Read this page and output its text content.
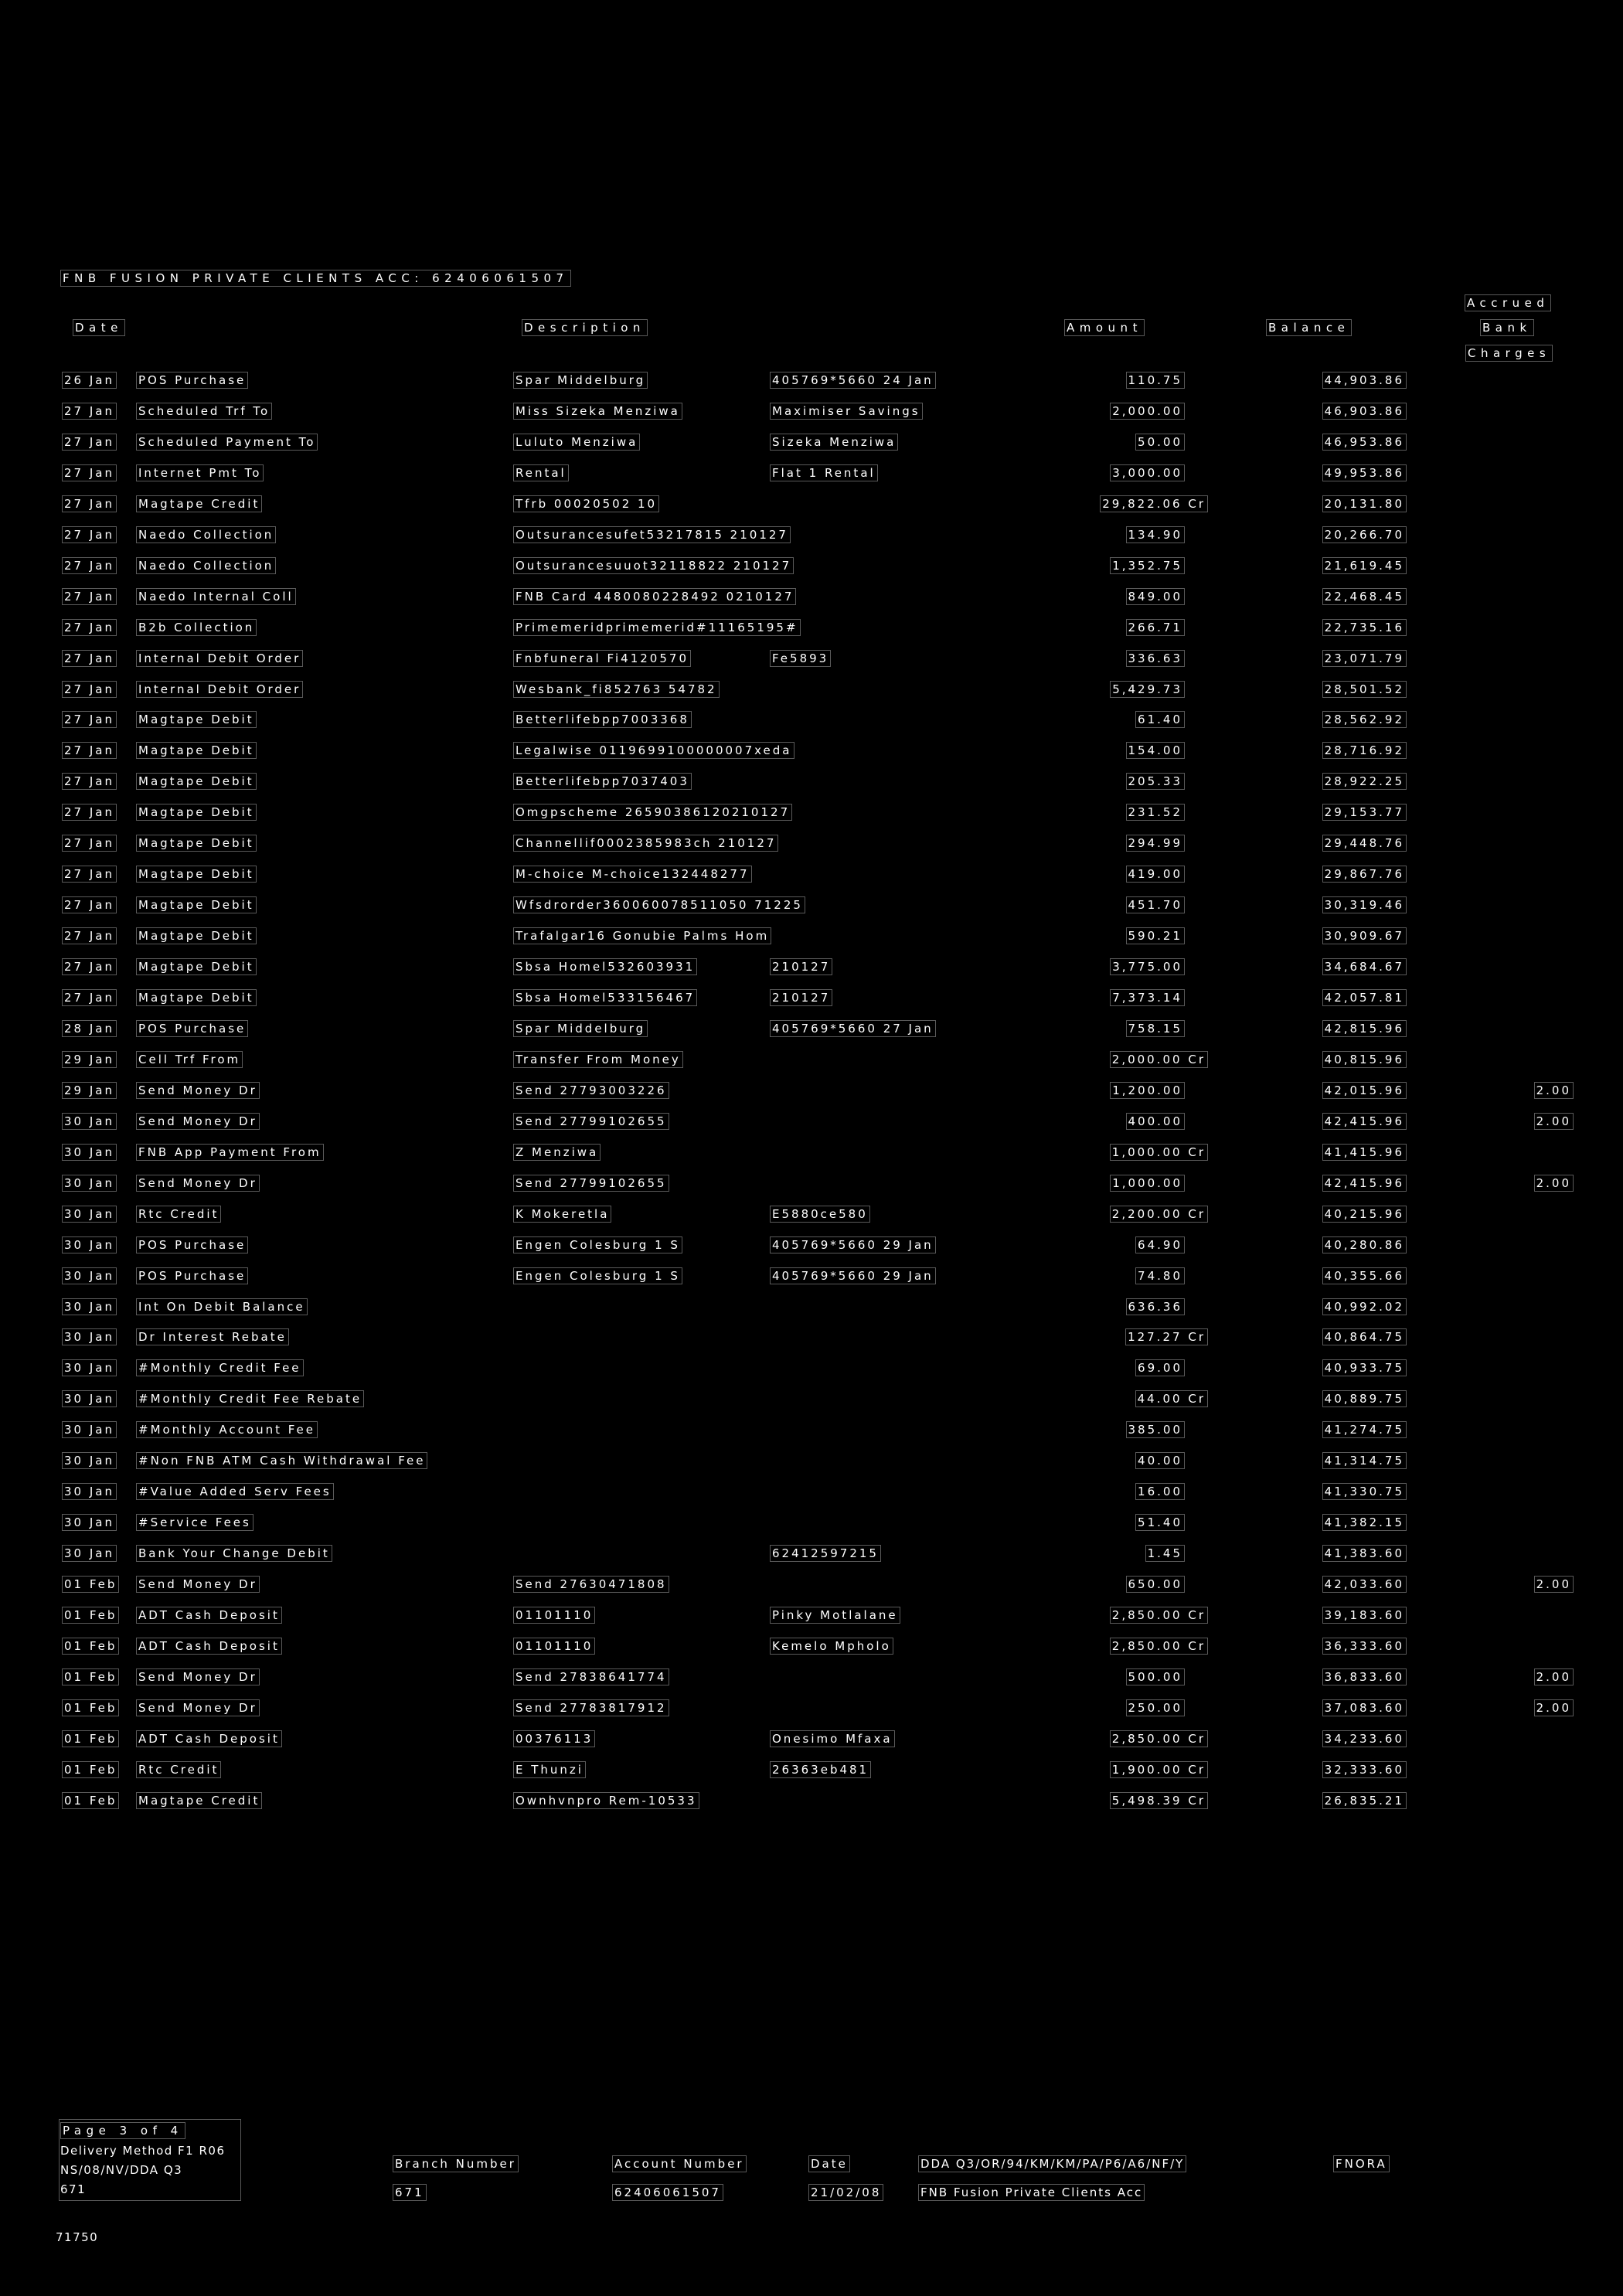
FNB FUSION PRIVATE CLIENTS ACC: 62406061507
Date	Description	Amount	Balance
Accrued
Bank
Charges
26 Jan POS Purchase	Spar Middelburg	405769*5660 24 Jan	110.75	44,903.86
27 Jan Scheduled Trf To	Miss Sizeka Menziwa	Maximiser Savings	2,000.00	46,903.86
27 Jan Scheduled Payment To	Luluto Menziwa	Sizeka Menziwa	50.00	46,953.86
27 Jan Internet Pmt To	Rental	Flat 1 Rental	3,000.00	49,953.86
27 Jan Magtape Credit	Tfrb 00020502 10	29,822.06 Cr	20,131.80
27 Jan Naedo Collection	Outsurancesufet53217815 210127	134.90	20,266.70
27 Jan Naedo Collection	Outsurancesuuot32118822 210127	1,352.75	21,619.45
27 Jan Naedo Internal Coll	FNB Card 4480080228492 0210127	849.00	22,468.45
27 Jan B2b Collection	Primemeridprimemerid#11165195#	266.71	22,735.16
27 Jan Internal Debit Order	Fnbfuneral Fi4120570	Fe5893	336.63	23,071.79
27 Jan Internal Debit Order	Wesbank_fi852763 54782	5,429.73	28,501.52
27 Jan Magtape Debit	Betterlifebpp7003368	61.40	28,562.92
27 Jan Magtape Debit	Legalwise 0119699100000007xeda	154.00	28,716.92
27 Jan Magtape Debit	Betterlifebpp7037403	205.33	28,922.25
27 Jan Magtape Debit	Omgpscheme 26590386120210127	231.52	29,153.77
27 Jan Magtape Debit	Channellif0002385983ch 210127	294.99	29,448.76
27 Jan Magtape Debit	M-choice M-choice132448277	419.00	29,867.76
27 Jan Magtape Debit	Wfsdrorder360060078511050 71225	451.70	30,319.46
27 Jan Magtape Debit	Trafalgar16 Gonubie Palms Hom	590.21	30,909.67
27 Jan Magtape Debit	Sbsa Homel532603931	210127	3,775.00	34,684.67
27 Jan Magtape Debit	Sbsa Homel533156467	210127	7,373.14	42,057.81
28 Jan POS Purchase	Spar Middelburg	405769*5660 27 Jan	758.15	42,815.96
29 Jan Cell Trf From	Transfer From Money	2,000.00 Cr	40,815.96
29 Jan Send Money Dr	Send 27793003226	1,200.00	42,015.96	2.00
30 Jan Send Money Dr	Send 27799102655	400.00	42,415.96	2.00
30 Jan FNB App Payment From	Z Menziwa	1,000.00 Cr	41,415.96
30 Jan Send Money Dr	Send 27799102655	1,000.00	42,415.96	2.00
30 Jan Rtc Credit	K Mokeretla	E5880ce580	2,200.00 Cr	40,215.96
30 Jan POS Purchase	Engen Colesburg 1 S	405769*5660 29 Jan	64.90	40,280.86
30 Jan POS Purchase	Engen Colesburg 1 S	405769*5660 29 Jan	74.80	40,355.66
30 Jan Int On Debit Balance	636.36	40,992.02
30 Jan Dr Interest Rebate	127.27 Cr	40,864.75
30 Jan #Monthly Credit Fee	69.00	40,933.75
30 Jan #Monthly Credit Fee Rebate	44.00 Cr	40,889.75
30 Jan #Monthly Account Fee	385.00	41,274.75
30 Jan #Non FNB ATM Cash Withdrawal Fee	40.00	41,314.75
30 Jan #Value Added Serv Fees	16.00	41,330.75
30 Jan #Service Fees	51.40	41,382.15
30 Jan Bank Your Change Debit	62412597215	1.45	41,383.60
01 Feb Send Money Dr	Send 27630471808	650.00	42,033.60	2.00
01 Feb ADT Cash Deposit	01101110	Pinky Motlalane	2,850.00 Cr	39,183.60
01 Feb ADT Cash Deposit	01101110	Kemelo Mpholo	2,850.00 Cr	36,333.60
01 Feb Send Money Dr	Send 27838641774	500.00	36,833.60	2.00
01 Feb Send Money Dr	Send 27783817912	250.00	37,083.60	2.00
01 Feb ADT Cash Deposit	00376113	Onesimo Mfaxa	2,850.00 Cr	34,233.60
01 Feb Rtc Credit	E Thunzi	26363eb481	1,900.00 Cr	32,333.60
01 Feb Magtape Credit	Ownhvnpro Rem-10533	5,498.39 Cr	26,835.21
Page 3 of 4
Delivery Method F1 R06
NS/08/NV/DDA Q3
671
Branch Number
671
Account Number
62406061507
Date
21/02/08
DDA Q3/OR/94/KM/KM/PA/P6/A6/NF/Y
FNB Fusion Private Clients Acc
FNORA
71750
